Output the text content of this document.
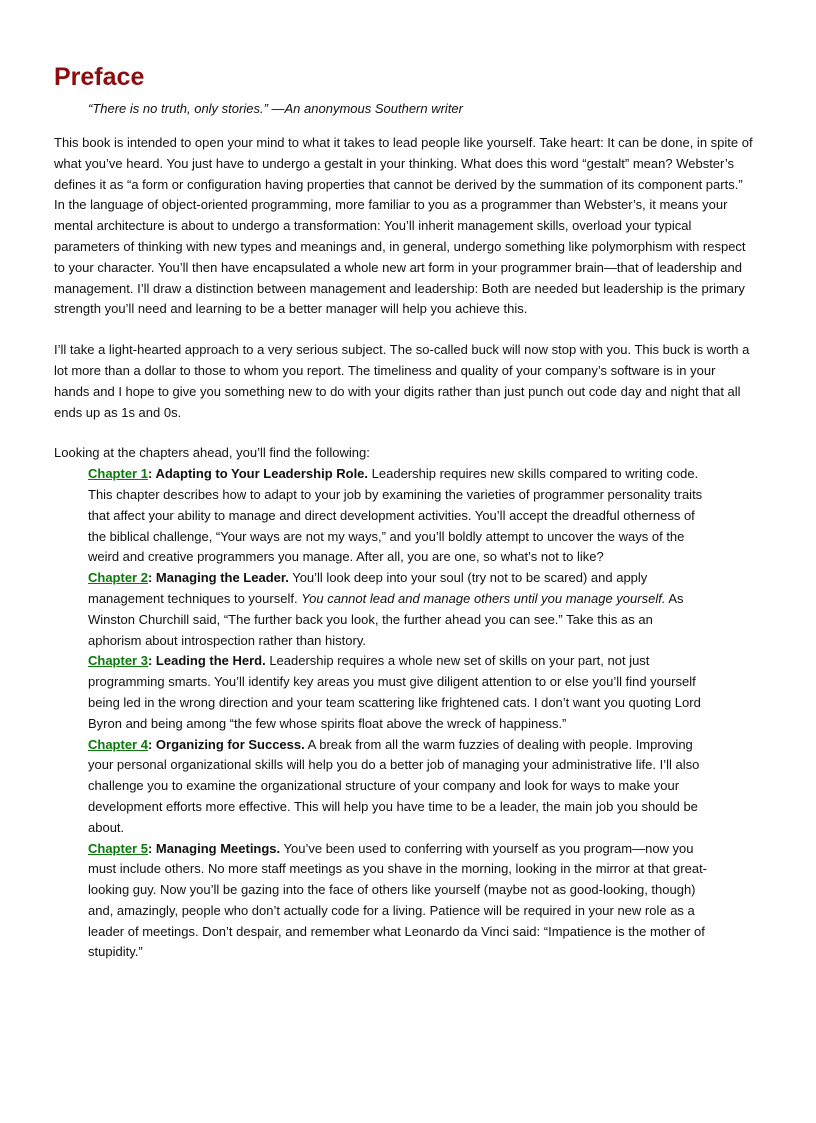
Preface
“There is no truth, only stories.” —An anonymous Southern writer

This book is intended to open your mind to what it takes to lead people like yourself. Take heart: It can be done, in spite of what you’ve heard. You just have to undergo a gestalt in your thinking. What does this word “gestalt” mean? Webster’s defines it as “a form or configuration having properties that cannot be derived by the summation of its component parts.” In the language of object-oriented programming, more familiar to you as a programmer than Webster’s, it means your mental architecture is about to undergo a transformation: You’ll inherit management skills, overload your typical parameters of thinking with new types and meanings and, in general, undergo something like polymorphism with respect to your character. You’ll then have encapsulated a whole new art form in your programmer brain—that of leadership and management. I’ll draw a distinction between management and leadership: Both are needed but leadership is the primary strength you’ll need and learning to be a better manager will help you achieve this.

I’ll take a light-hearted approach to a very serious subject. The so-called buck will now stop with you. This buck is worth a lot more than a dollar to those to whom you report. The timeliness and quality of your company’s software is in your hands and I hope to give you something new to do with your digits rather than just punch out code day and night that all ends up as 1s and 0s.

Looking at the chapters ahead, you’ll find the following:

Chapter 1: Adapting to Your Leadership Role. Leadership requires new skills compared to writing code. This chapter describes how to adapt to your job by examining the varieties of programmer personality traits that affect your ability to manage and direct development activities. You’ll accept the dreadful otherness of the biblical challenge, “Your ways are not my ways,” and you’ll boldly attempt to uncover the ways of the weird and creative programmers you manage. After all, you are one, so what’s not to like?

Chapter 2: Managing the Leader. You’ll look deep into your soul (try not to be scared) and apply management techniques to yourself. You cannot lead and manage others until you manage yourself. As Winston Churchill said, “The further back you look, the further ahead you can see.” Take this as an aphorism about introspection rather than history.

Chapter 3: Leading the Herd. Leadership requires a whole new set of skills on your part, not just programming smarts. You’ll identify key areas you must give diligent attention to or else you’ll find yourself being led in the wrong direction and your team scattering like frightened cats. I don’t want you quoting Lord Byron and being among “the few whose spirits float above the wreck of happiness.”

Chapter 4: Organizing for Success. A break from all the warm fuzzies of dealing with people. Improving your personal organizational skills will help you do a better job of managing your administrative life. I’ll also challenge you to examine the organizational structure of your company and look for ways to make your development efforts more effective. This will help you have time to be a leader, the main job you should be about.

Chapter 5: Managing Meetings. You’ve been used to conferring with yourself as you program—now you must include others. No more staff meetings as you shave in the morning, looking in the mirror at that great-looking guy. Now you’ll be gazing into the face of others like yourself (maybe not as good-looking, though) and, amazingly, people who don’t actually code for a living. Patience will be required in your new role as a leader of meetings. Don’t despair, and remember what Leonardo da Vinci said: “Impatience is the mother of stupidity.”
